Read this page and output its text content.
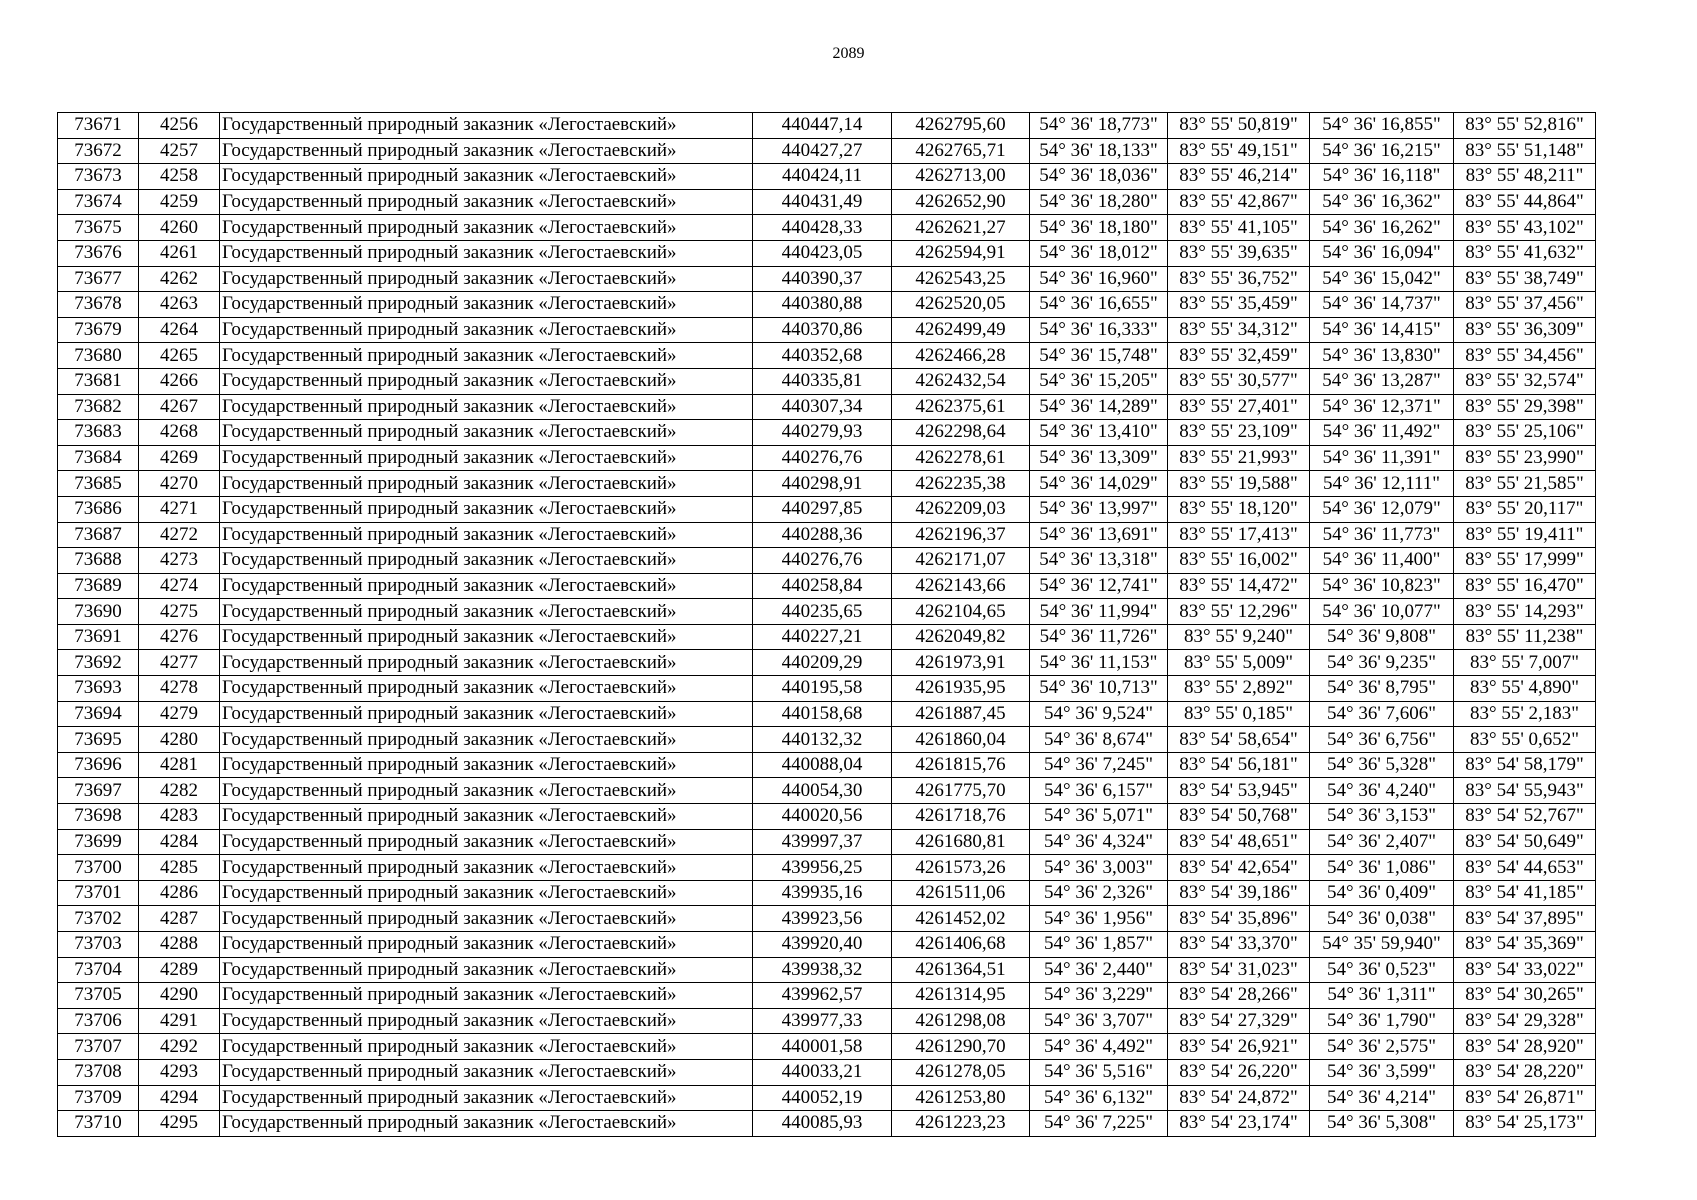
2089
73671	4256	Государственный природный заказник «Легостаевский»	440447,14	4262795,60	54° 36' 18,773"	83° 55' 50,819"	54° 36' 16,855"	83° 55' 52,816"
73672	4257	Государственный природный заказник «Легостаевский»	440427,27	4262765,71	54° 36' 18,133"	83° 55' 49,151"	54° 36' 16,215"	83° 55' 51,148"
73673	4258	Государственный природный заказник «Легостаевский»	440424,11	4262713,00	54° 36' 18,036"	83° 55' 46,214"	54° 36' 16,118"	83° 55' 48,211"
73674	4259	Государственный природный заказник «Легостаевский»	440431,49	4262652,90	54° 36' 18,280"	83° 55' 42,867"	54° 36' 16,362"	83° 55' 44,864"
73675	4260	Государственный природный заказник «Легостаевский»	440428,33	4262621,27	54° 36' 18,180"	83° 55' 41,105"	54° 36' 16,262"	83° 55' 43,102"
73676	4261	Государственный природный заказник «Легостаевский»	440423,05	4262594,91	54° 36' 18,012"	83° 55' 39,635"	54° 36' 16,094"	83° 55' 41,632"
73677	4262	Государственный природный заказник «Легостаевский»	440390,37	4262543,25	54° 36' 16,960"	83° 55' 36,752"	54° 36' 15,042"	83° 55' 38,749"
73678	4263	Государственный природный заказник «Легостаевский»	440380,88	4262520,05	54° 36' 16,655"	83° 55' 35,459"	54° 36' 14,737"	83° 55' 37,456"
73679	4264	Государственный природный заказник «Легостаевский»	440370,86	4262499,49	54° 36' 16,333"	83° 55' 34,312"	54° 36' 14,415"	83° 55' 36,309"
73680	4265	Государственный природный заказник «Легостаевский»	440352,68	4262466,28	54° 36' 15,748"	83° 55' 32,459"	54° 36' 13,830"	83° 55' 34,456"
73681	4266	Государственный природный заказник «Легостаевский»	440335,81	4262432,54	54° 36' 15,205"	83° 55' 30,577"	54° 36' 13,287"	83° 55' 32,574"
73682	4267	Государственный природный заказник «Легостаевский»	440307,34	4262375,61	54° 36' 14,289"	83° 55' 27,401"	54° 36' 12,371"	83° 55' 29,398"
73683	4268	Государственный природный заказник «Легостаевский»	440279,93	4262298,64	54° 36' 13,410"	83° 55' 23,109"	54° 36' 11,492"	83° 55' 25,106"
73684	4269	Государственный природный заказник «Легостаевский»	440276,76	4262278,61	54° 36' 13,309"	83° 55' 21,993"	54° 36' 11,391"	83° 55' 23,990"
73685	4270	Государственный природный заказник «Легостаевский»	440298,91	4262235,38	54° 36' 14,029"	83° 55' 19,588"	54° 36' 12,111"	83° 55' 21,585"
73686	4271	Государственный природный заказник «Легостаевский»	440297,85	4262209,03	54° 36' 13,997"	83° 55' 18,120"	54° 36' 12,079"	83° 55' 20,117"
73687	4272	Государственный природный заказник «Легостаевский»	440288,36	4262196,37	54° 36' 13,691"	83° 55' 17,413"	54° 36' 11,773"	83° 55' 19,411"
73688	4273	Государственный природный заказник «Легостаевский»	440276,76	4262171,07	54° 36' 13,318"	83° 55' 16,002"	54° 36' 11,400"	83° 55' 17,999"
73689	4274	Государственный природный заказник «Легостаевский»	440258,84	4262143,66	54° 36' 12,741"	83° 55' 14,472"	54° 36' 10,823"	83° 55' 16,470"
73690	4275	Государственный природный заказник «Легостаевский»	440235,65	4262104,65	54° 36' 11,994"	83° 55' 12,296"	54° 36' 10,077"	83° 55' 14,293"
73691	4276	Государственный природный заказник «Легостаевский»	440227,21	4262049,82	54° 36' 11,726"	83° 55' 9,240"	54° 36' 9,808"	83° 55' 11,238"
73692	4277	Государственный природный заказник «Легостаевский»	440209,29	4261973,91	54° 36' 11,153"	83° 55' 5,009"	54° 36' 9,235"	83° 55' 7,007"
73693	4278	Государственный природный заказник «Легостаевский»	440195,58	4261935,95	54° 36' 10,713"	83° 55' 2,892"	54° 36' 8,795"	83° 55' 4,890"
73694	4279	Государственный природный заказник «Легостаевский»	440158,68	4261887,45	54° 36' 9,524"	83° 55' 0,185"	54° 36' 7,606"	83° 55' 2,183"
73695	4280	Государственный природный заказник «Легостаевский»	440132,32	4261860,04	54° 36' 8,674"	83° 54' 58,654"	54° 36' 6,756"	83° 55' 0,652"
73696	4281	Государственный природный заказник «Легостаевский»	440088,04	4261815,76	54° 36' 7,245"	83° 54' 56,181"	54° 36' 5,328"	83° 54' 58,179"
73697	4282	Государственный природный заказник «Легостаевский»	440054,30	4261775,70	54° 36' 6,157"	83° 54' 53,945"	54° 36' 4,240"	83° 54' 55,943"
73698	4283	Государственный природный заказник «Легостаевский»	440020,56	4261718,76	54° 36' 5,071"	83° 54' 50,768"	54° 36' 3,153"	83° 54' 52,767"
73699	4284	Государственный природный заказник «Легостаевский»	439997,37	4261680,81	54° 36' 4,324"	83° 54' 48,651"	54° 36' 2,407"	83° 54' 50,649"
73700	4285	Государственный природный заказник «Легостаевский»	439956,25	4261573,26	54° 36' 3,003"	83° 54' 42,654"	54° 36' 1,086"	83° 54' 44,653"
73701	4286	Государственный природный заказник «Легостаевский»	439935,16	4261511,06	54° 36' 2,326"	83° 54' 39,186"	54° 36' 0,409"	83° 54' 41,185"
73702	4287	Государственный природный заказник «Легостаевский»	439923,56	4261452,02	54° 36' 1,956"	83° 54' 35,896"	54° 36' 0,038"	83° 54' 37,895"
73703	4288	Государственный природный заказник «Легостаевский»	439920,40	4261406,68	54° 36' 1,857"	83° 54' 33,370"	54° 35' 59,940"	83° 54' 35,369"
73704	4289	Государственный природный заказник «Легостаевский»	439938,32	4261364,51	54° 36' 2,440"	83° 54' 31,023"	54° 36' 0,523"	83° 54' 33,022"
73705	4290	Государственный природный заказник «Легостаевский»	439962,57	4261314,95	54° 36' 3,229"	83° 54' 28,266"	54° 36' 1,311"	83° 54' 30,265"
73706	4291	Государственный природный заказник «Легостаевский»	439977,33	4261298,08	54° 36' 3,707"	83° 54' 27,329"	54° 36' 1,790"	83° 54' 29,328"
73707	4292	Государственный природный заказник «Легостаевский»	440001,58	4261290,70	54° 36' 4,492"	83° 54' 26,921"	54° 36' 2,575"	83° 54' 28,920"
73708	4293	Государственный природный заказник «Легостаевский»	440033,21	4261278,05	54° 36' 5,516"	83° 54' 26,220"	54° 36' 3,599"	83° 54' 28,220"
73709	4294	Государственный природный заказник «Легостаевский»	440052,19	4261253,80	54° 36' 6,132"	83° 54' 24,872"	54° 36' 4,214"	83° 54' 26,871"
73710	4295	Государственный природный заказник «Легостаевский»	440085,93	4261223,23	54° 36' 7,225"	83° 54' 23,174"	54° 36' 5,308"	83° 54' 25,173"
